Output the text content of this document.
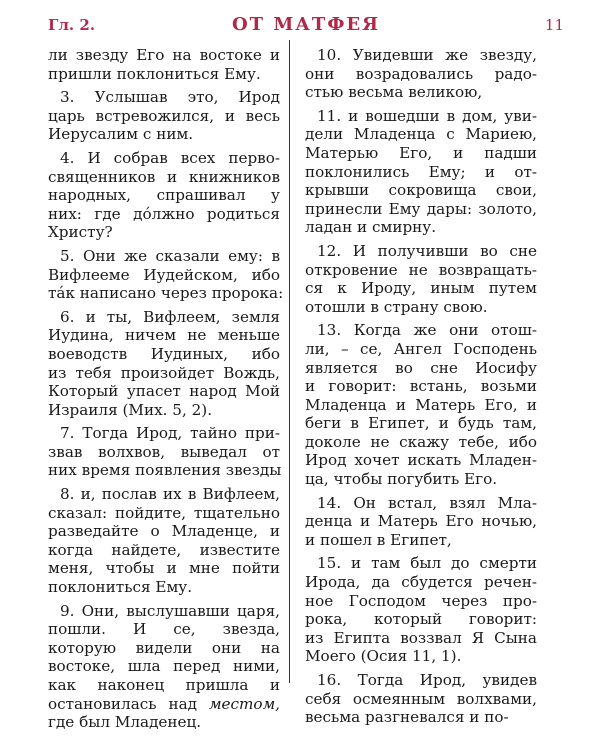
Гл. 2.	ОТ МАТФЕЯ	11
ли звезду Его на востоке и
пришли поклониться Ему.
3. Услышав это, Ирод
царь встревожился, и весь
Иерусалим с ним.
4. И собрав всех перво-
священников и книжников
народных, спрашивал у
них: где дóлжно родиться
Христу?
5. Они же сказали ему: в
Вифлееме Иудейском, ибо
тáк написано через пророка:
6. и ты, Вифлеем, земля
Иудина, ничем не меньше
воеводств Иудиных, ибо
из тебя произойдет Вождь,
Который упасет народ Мой
Израиля (Мих. 5, 2).
7. Тогда Ирод, тайно при-
звав волхвов, выведал от
них время появления звезды
8. и, послав их в Вифлеем,
сказал: пойдите, тщательно
разведайте о Младенце, и
когда найдете, известите
меня, чтобы и мне пойти
поклониться Ему.
9. Они, выслушавши царя,
пошли. И се, звезда,
которую видели они на
востоке, шла перед ними,
как наконец пришла и
остановилась над местом,
где был Младенец.
10. Увидевши же звезду,
они возрадовались радо-
стью весьма великою,
11. и вошедши в дом, уви-
дели Младенца с Мариею,
Матерью Его, и падши
поклонились Ему; и от-
крывши сокровища свои,
принесли Ему дары: золото,
ладан и смирну.
12. И получивши во сне
откровение не возвращать-
ся к Ироду, иным путем
отошли в страну свою.
13. Когда же они отош-
ли, – се, Ангел Господень
является во сне Иосифу
и говорит: встань, возьми
Младенца и Матерь Его, и
беги в Египет, и будь там,
доколе не скажу тебе, ибо
Ирод хочет искать Младен-
ца, чтобы погубить Его.
14. Он встал, взял Мла-
денца и Матерь Его ночью,
и пошел в Египет,
15. и там был до смерти
Ирода, да сбудется речен-
ное Господом через про-
рока, который говорит:
из Египта воззвал Я Сына
Моего (Осия 11, 1).
16. Тогда Ирод, увидев
себя осмеянным волхвами,
весьма разгневался и по-
